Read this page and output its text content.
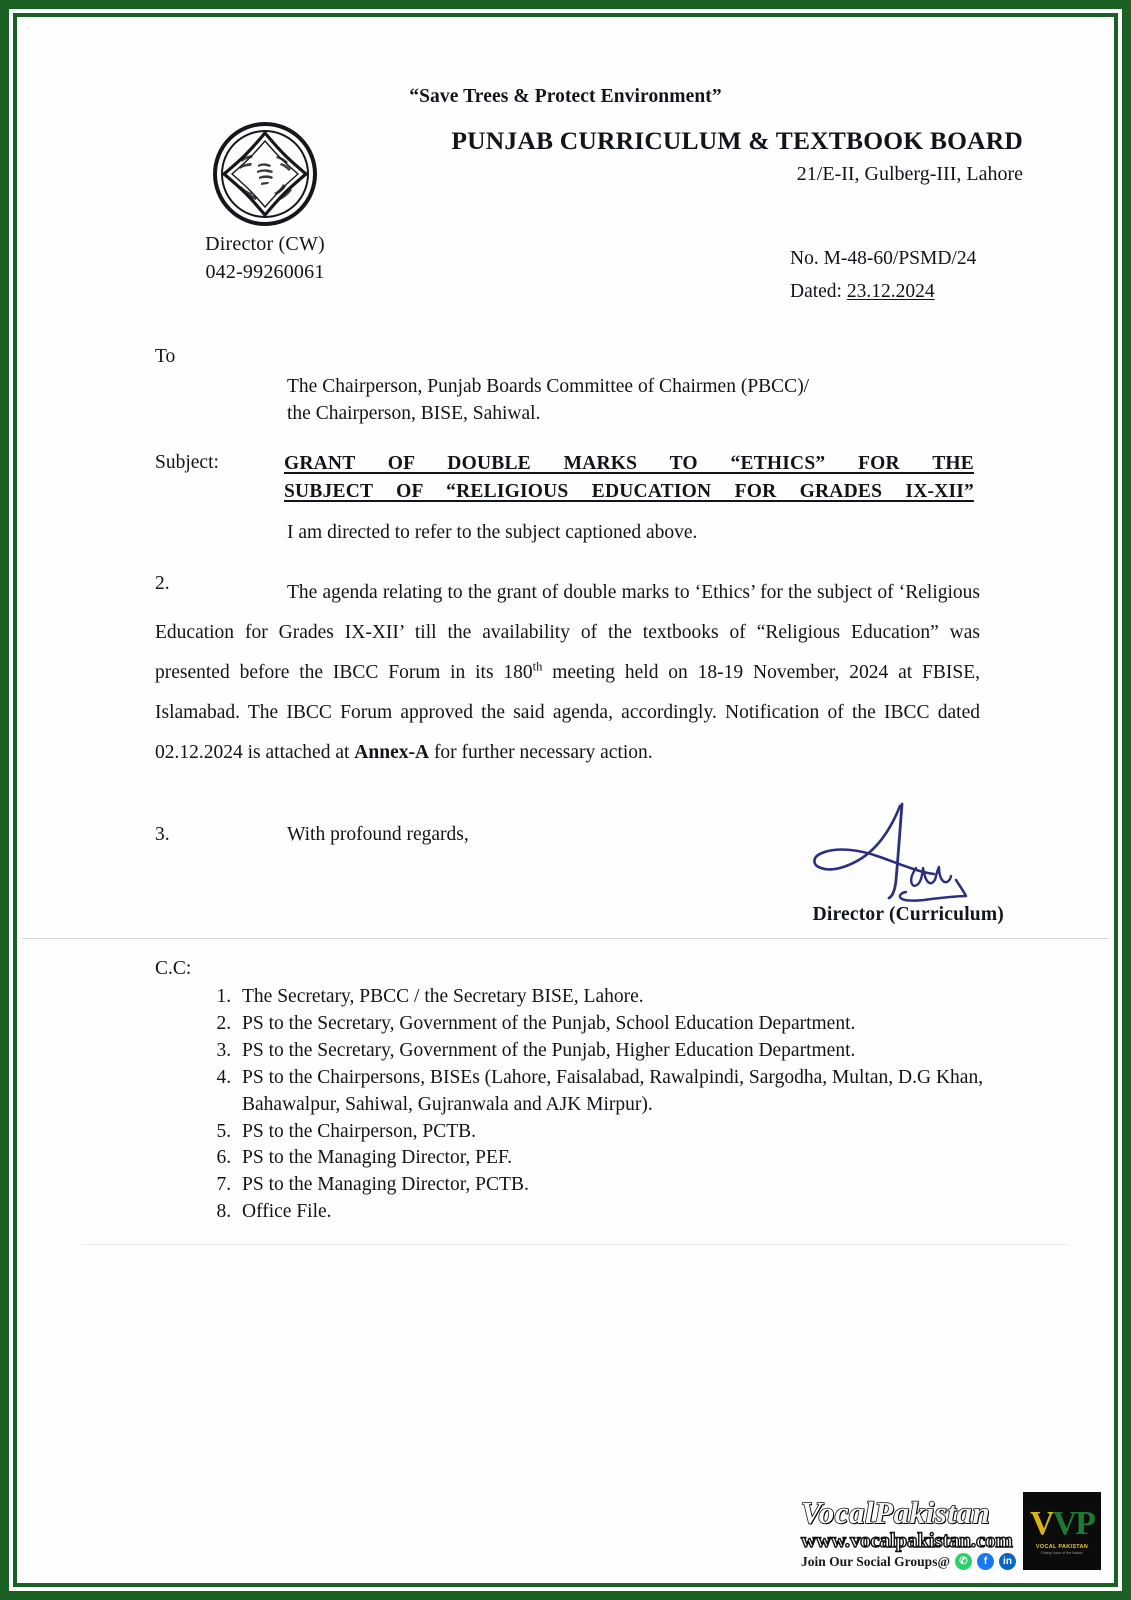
“Save Trees & Protect Environment”
Director (CW)
042-99260061
PUNJAB CURRICULUM & TEXTBOOK BOARD
21/E-II, Gulberg-III, Lahore
No. M-48-60/PSMD/24
Dated: 23.12.2024
To
The Chairperson, Punjab Boards Committee of Chairmen (PBCC)/
the Chairperson, BISE, Sahiwal.
Subject:	GRANT OF DOUBLE MARKS TO “ETHICS” FOR THE
SUBJECT OF “RELIGIOUS EDUCATION FOR GRADES IX-XII”
I am directed to refer to the subject captioned above.
2.	The agenda relating to the grant of double marks to ‘Ethics’ for the subject of ‘Religious Education for Grades IX-XII’ till the availability of the textbooks of “Religious Education” was presented before the IBCC Forum in its 180th meeting held on 18-19 November, 2024 at FBISE, Islamabad. The IBCC Forum approved the said agenda, accordingly. Notification of the IBCC dated 02.12.2024 is attached at Annex-A for further necessary action.
3.	With profound regards,
Director (Curriculum)
C.C:
1. The Secretary, PBCC / the Secretary BISE, Lahore.
2. PS to the Secretary, Government of the Punjab, School Education Department.
3. PS to the Secretary, Government of the Punjab, Higher Education Department.
4. PS to the Chairpersons, BISEs (Lahore, Faisalabad, Rawalpindi, Sargodha, Multan, D.G Khan, Bahawalpur, Sahiwal, Gujranwala and AJK Mirpur).
5. PS to the Chairperson, PCTB.
6. PS to the Managing Director, PEF.
7. PS to the Managing Director, PCTB.
8. Office File.
VocalPakistan
www.vocalpakistan.com
Join Our Social Groups@ ✆	f	in
VVP
VOCAL PAKISTAN
Rising Voice of the Nation
